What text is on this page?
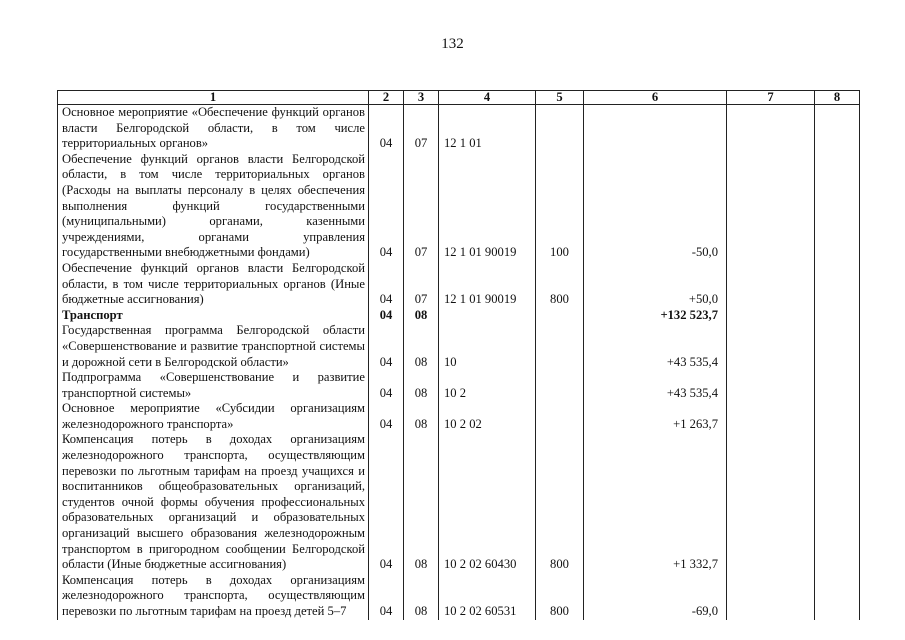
132
1	2	3	4	5	6	7	8
Основное мероприятие «Обеспечение функций органов власти Белгородской области, в том числе территориальных органов»	04	07	12 1 01				
Обеспечение функций органов власти Белгородской области, в том числе территориальных органов (Расходы на выплаты персоналу в целях обеспечения выполнения функций государственными (муниципальными) органами, казенными учреждениями, органами управления государственными внебюджетными фондами)	04	07	12 1 01 90019	100	-50,0		
Обеспечение функций органов власти Белгородской области, в том числе территориальных органов (Иные бюджетные ассигнования)	04	07	12 1 01 90019	800	+50,0		
Транспорт	04	08			+132 523,7		
Государственная программа Белгородской области «Совершенствование и развитие транспортной системы и дорожной сети в Белгородской области»	04	08	10		+43 535,4		
Подпрограмма «Совершенствование и развитие транспортной системы»	04	08	10 2		+43 535,4		
Основное мероприятие «Субсидии организациям железнодорожного транспорта»	04	08	10 2 02		+1 263,7		
Компенсация потерь в доходах организациям железнодорожного транспорта, осуществляющим перевозки по льготным тарифам на проезд учащихся и воспитанников общеобразовательных организаций, студентов очной формы обучения профессиональных образовательных организаций и образовательных организаций высшего образования железнодорожным транспортом в пригородном сообщении Белгородской области (Иные бюджетные ассигнования)	04	08	10 2 02 60430	800	+1 332,7		
Компенсация потерь в доходах организациям железнодорожного транспорта, осуществляющим перевозки по льготным тарифам на проезд детей 5–7	04	08	10 2 02 60531	800	-69,0		
